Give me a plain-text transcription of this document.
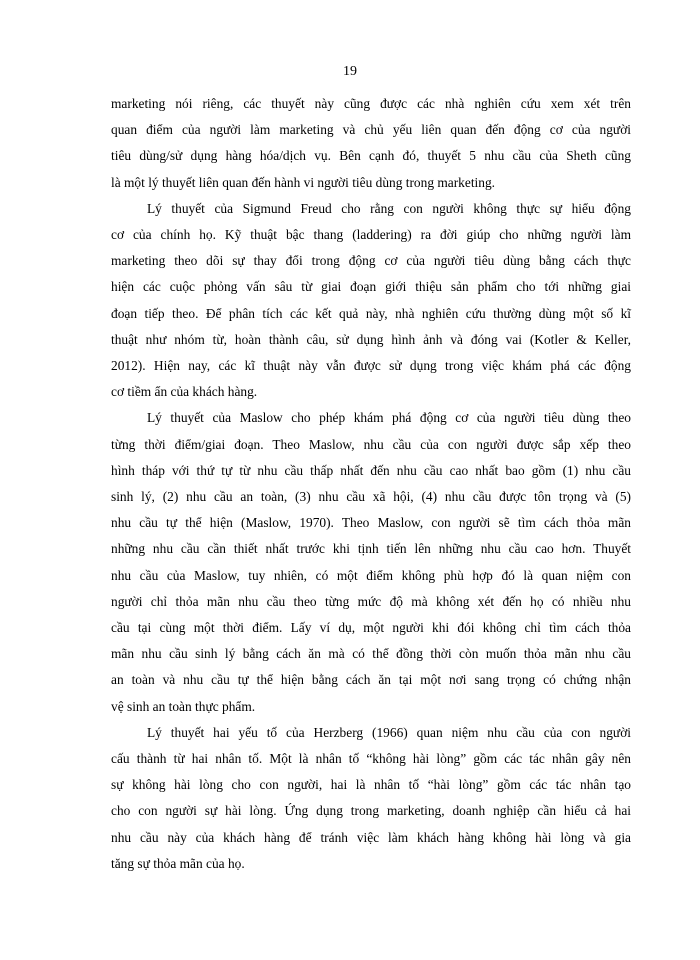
19

marketing nói riêng, các thuyết này cũng được các nhà nghiên cứu xem xét trên
quan điểm của người làm marketing và chủ yếu liên quan đến động cơ của người
tiêu dùng/sử dụng hàng hóa/dịch vụ. Bên cạnh đó, thuyết 5 nhu cầu của Sheth cũng
là một lý thuyết liên quan đến hành vi người tiêu dùng trong marketing.

Lý thuyết của Sigmund Freud cho rằng con người không thực sự hiểu động
cơ của chính họ. Kỹ thuật bậc thang (laddering) ra đời giúp cho những người làm
marketing theo dõi sự thay đổi trong động cơ của người tiêu dùng bằng cách thực
hiện các cuộc phỏng vấn sâu từ giai đoạn giới thiệu sản phẩm cho tới những giai
đoạn tiếp theo. Để phân tích các kết quả này, nhà nghiên cứu thường dùng một số kĩ
thuật như nhóm từ, hoàn thành câu, sử dụng hình ảnh và đóng vai (Kotler & Keller,
2012). Hiện nay, các kĩ thuật này vẫn được sử dụng trong việc khám phá các động
cơ tiềm ẩn của khách hàng.

Lý thuyết của Maslow cho phép khám phá động cơ của người tiêu dùng theo
từng thời điểm/giai đoạn. Theo Maslow, nhu cầu của con người được sắp xếp theo
hình tháp với thứ tự từ nhu cầu thấp nhất đến nhu cầu cao nhất bao gồm (1) nhu cầu
sinh lý, (2) nhu cầu an toàn, (3) nhu cầu xã hội, (4) nhu cầu được tôn trọng và (5)
nhu cầu tự thể hiện (Maslow, 1970). Theo Maslow, con người sẽ tìm cách thỏa mãn
những nhu cầu cần thiết nhất trước khi tịnh tiến lên những nhu cầu cao hơn. Thuyết
nhu cầu của Maslow, tuy nhiên, có một điểm không phù hợp đó là quan niệm con
người chỉ thỏa mãn nhu cầu theo từng mức độ mà không xét đến họ có nhiều nhu
cầu tại cùng một thời điểm. Lấy ví dụ, một người khi đói không chỉ tìm cách thỏa
mãn nhu cầu sinh lý bằng cách ăn mà có thể đồng thời còn muốn thỏa mãn nhu cầu
an toàn và nhu cầu tự thể hiện bằng cách ăn tại một nơi sang trọng có chứng nhận
vệ sinh an toàn thực phẩm.

Lý thuyết hai yếu tố của Herzberg (1966) quan niệm nhu cầu của con người
cấu thành từ hai nhân tố. Một là nhân tố “không hài lòng” gồm các tác nhân gây nên
sự không hài lòng cho con người, hai là nhân tố “hài lòng” gồm các tác nhân tạo
cho con người sự hài lòng. Ứng dụng trong marketing, doanh nghiệp cần hiểu cả hai
nhu cầu này của khách hàng để tránh việc làm khách hàng không hài lòng và gia
tăng sự thỏa mãn của họ.
